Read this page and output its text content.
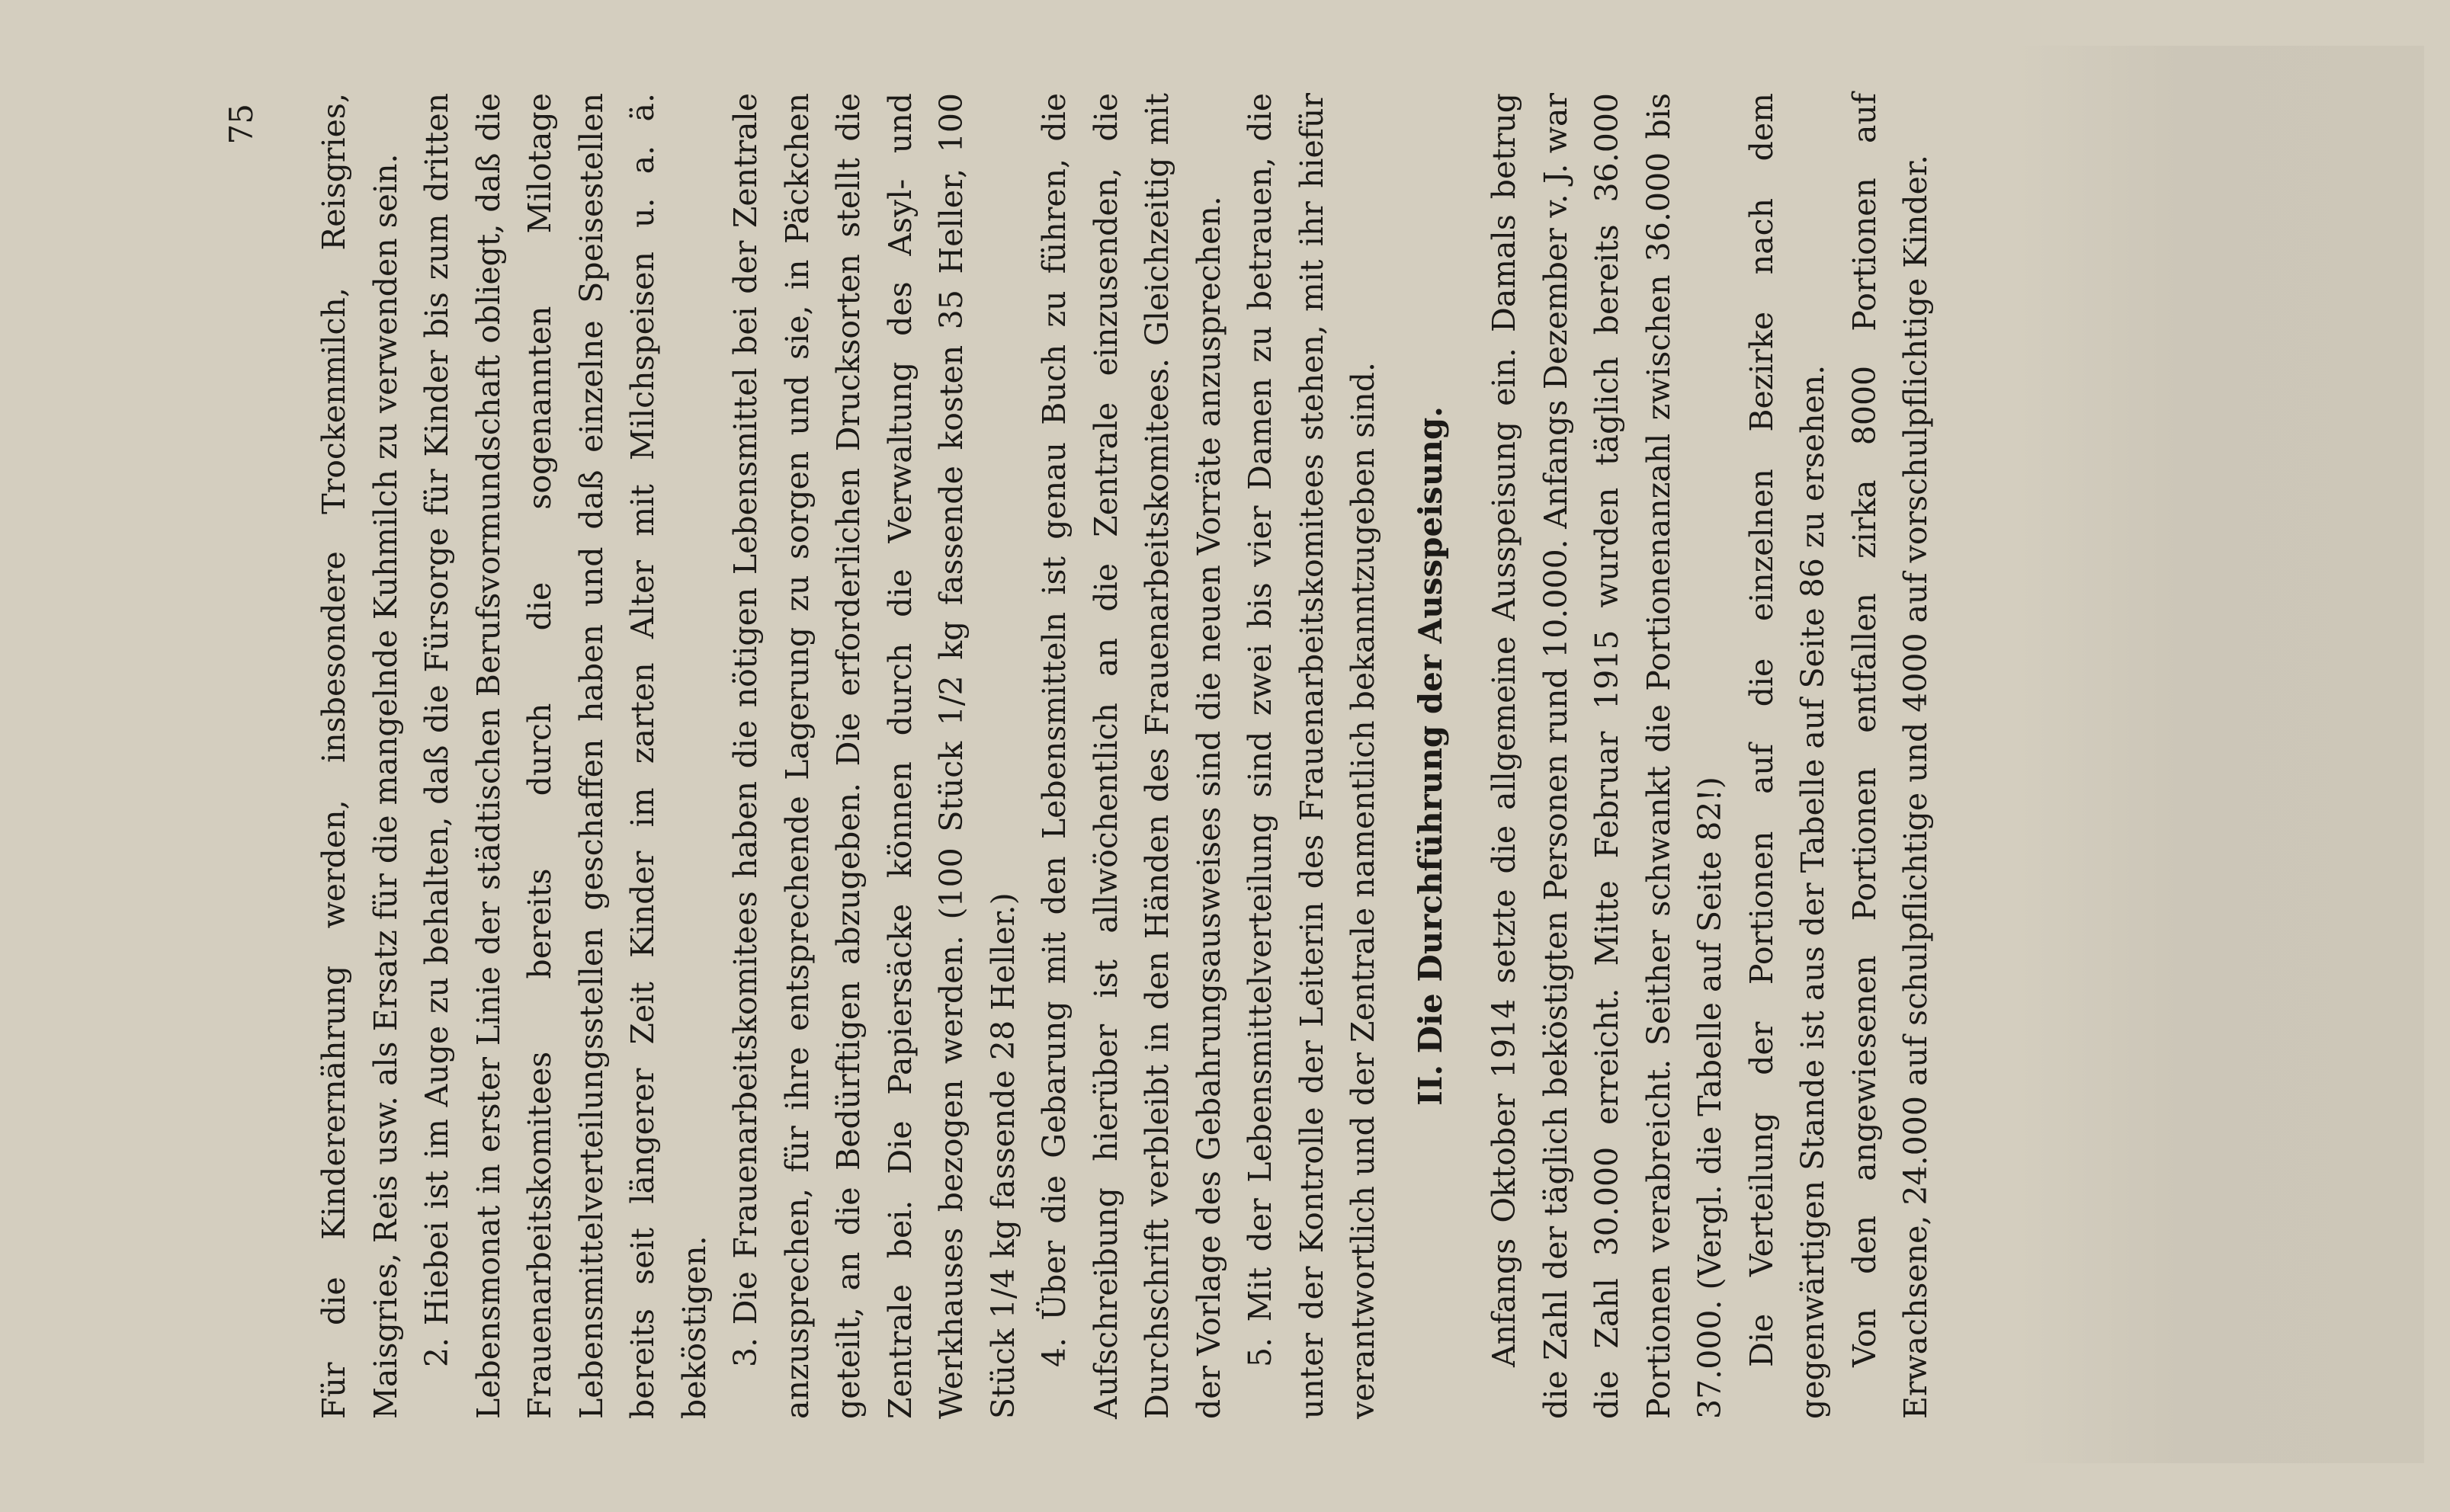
75 Für die Kinderernährung werden, insbesondere Trockenmilch, Reisgries, Maisgries, Reis usw. als Ersatz für die mangelnde Kuhmilch zu verwenden sein. 2. Hiebei ist im Auge zu behalten, daß die Fürsorge für Kinder bis zum dritten Lebensmonat in erster Linie der städtischen Berufsvormundschaft obliegt, daß die Frauenarbeitskomitees bereits durch die sogenannten Milotage Lebensmittelverteilungsstellen geschaffen haben und daß einzelne Speisestellen bereits seit längerer Zeit Kinder im zarten Alter mit Milchspeisen u. a. ä. beköstigen. 3. Die Frauenarbeitskomitees haben die nötigen Lebensmittel bei der Zentrale anzusprechen, für ihre entsprechende Lagerung zu sorgen und sie, in Päckchen geteilt, an die Bedürftigen abzugeben. Die erforderlichen Drucksorten stellt die Zentrale bei. Die Papiersäcke können durch die Verwaltung des Asyl- und Werkhauses bezogen werden. (100 Stück 1/2 kg fassende kosten 35 Heller, 100 Stück 1/4 kg fassende 28 Heller.) 4. Über die Gebarung mit den Lebensmitteln ist genau Buch zu führen, die Aufschreibung hierüber ist allwöchentlich an die Zentrale einzusenden, die Durchschrift verbleibt in den Händen des Frauenarbeitskomitees. Gleichzeitig mit der Vorlage des Gebahrungsausweises sind die neuen Vorräte anzusprechen. 5. Mit der Lebensmittelverteilung sind zwei bis vier Damen zu betrauen, die unter der Kontrolle der Leiterin des Frauenarbeitskomitees stehen, mit ihr hiefür verantwortlich und der Zentrale namentlich bekanntzugeben sind. II. Die Durchführung der Ausspeisung. Anfangs Oktober 1914 setzte die allgemeine Ausspeisung ein. Damals betrug die Zahl der täglich beköstigten Personen rund 10.000. Anfangs Dezember v. J. war die Zahl 30.000 erreicht. Mitte Februar 1915 wurden täglich bereits 36.000 Portionen verabreicht. Seither schwankt die Portionenanzahl zwischen 36.000 bis 37.000. (Vergl. die Tabelle auf Seite 82!) Die Verteilung der Portionen auf die einzelnen Bezirke nach dem gegenwärtigen Stande ist aus der Tabelle auf Seite 86 zu ersehen. Von den angewiesenen Portionen entfallen zirka 8000 Portionen auf Erwachsene, 24.000 auf schulpflichtige und 4000 auf vorschulpflichtige Kinder.
